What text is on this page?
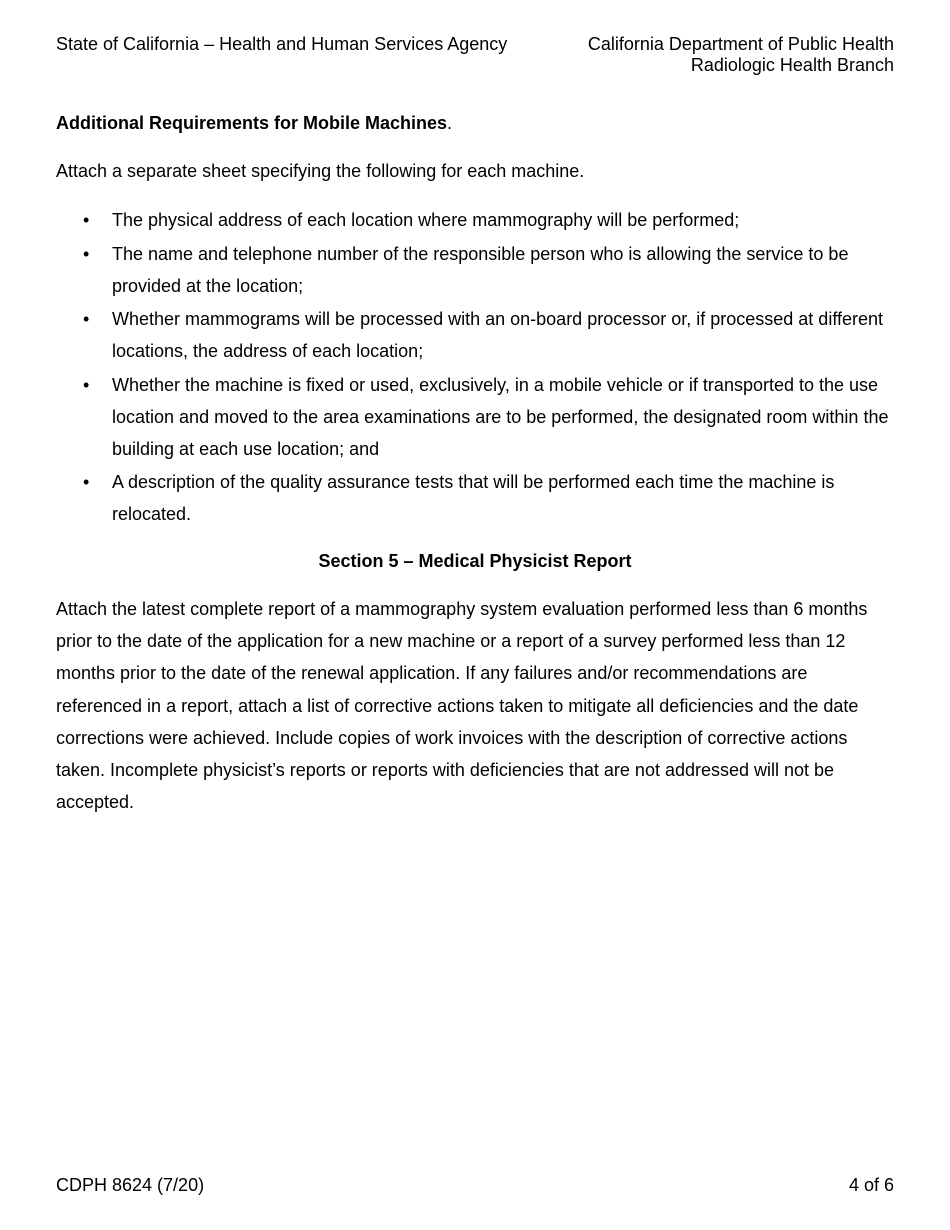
State of California – Health and Human Services Agency	California Department of Public Health
Radiologic Health Branch
Additional Requirements for Mobile Machines.
Attach a separate sheet specifying the following for each machine.
• The physical address of each location where mammography will be performed;
• The name and telephone number of the responsible person who is allowing the service to be provided at the location;
• Whether mammograms will be processed with an on-board processor or, if processed at different locations, the address of each location;
• Whether the machine is fixed or used, exclusively, in a mobile vehicle or if transported to the use location and moved to the area examinations are to be performed, the designated room within the building at each use location; and
• A description of the quality assurance tests that will be performed each time the machine is relocated.
Section 5 – Medical Physicist Report
Attach the latest complete report of a mammography system evaluation performed less than 6 months prior to the date of the application for a new machine or a report of a survey performed less than 12 months prior to the date of the renewal application. If any failures and/or recommendations are referenced in a report, attach a list of corrective actions taken to mitigate all deficiencies and the date corrections were achieved. Include copies of work invoices with the description of corrective actions taken. Incomplete physicist’s reports or reports with deficiencies that are not addressed will not be accepted.
CDPH 8624 (7/20)	4 of 6
